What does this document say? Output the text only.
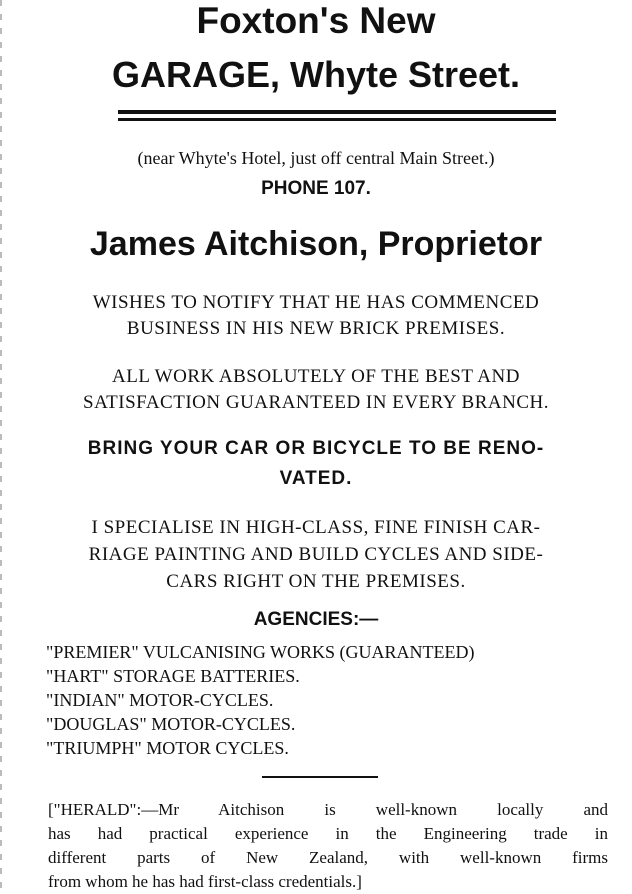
Foxton's New
GARAGE, Whyte Street.
(near Whyte's Hotel, just off central Main Street.)
PHONE 107.
James Aitchison, Proprietor
WISHES TO NOTIFY THAT HE HAS COMMENCED
BUSINESS IN HIS NEW BRICK PREMISES.
ALL WORK ABSOLUTELY OF THE BEST AND
SATISFACTION GUARANTEED IN EVERY BRANCH.
BRING YOUR CAR OR BICYCLE TO BE RENO-
VATED.
I SPECIALISE IN HIGH-CLASS, FINE FINISH CAR-
RIAGE PAINTING AND BUILD CYCLES AND SIDE-
CARS RIGHT ON THE PREMISES.
AGENCIES:—
"PREMIER" VULCANISING WORKS (GUARANTEED)
"HART" STORAGE BATTERIES.
"INDIAN" MOTOR-CYCLES.
"DOUGLAS" MOTOR-CYCLES.
"TRIUMPH" MOTOR CYCLES.
["HERALD":—Mr Aitchison is well-known locally and
has had practical experience in the Engineering trade in
different parts of New Zealand, with well-known firms
from whom he has had first-class credentials.]
